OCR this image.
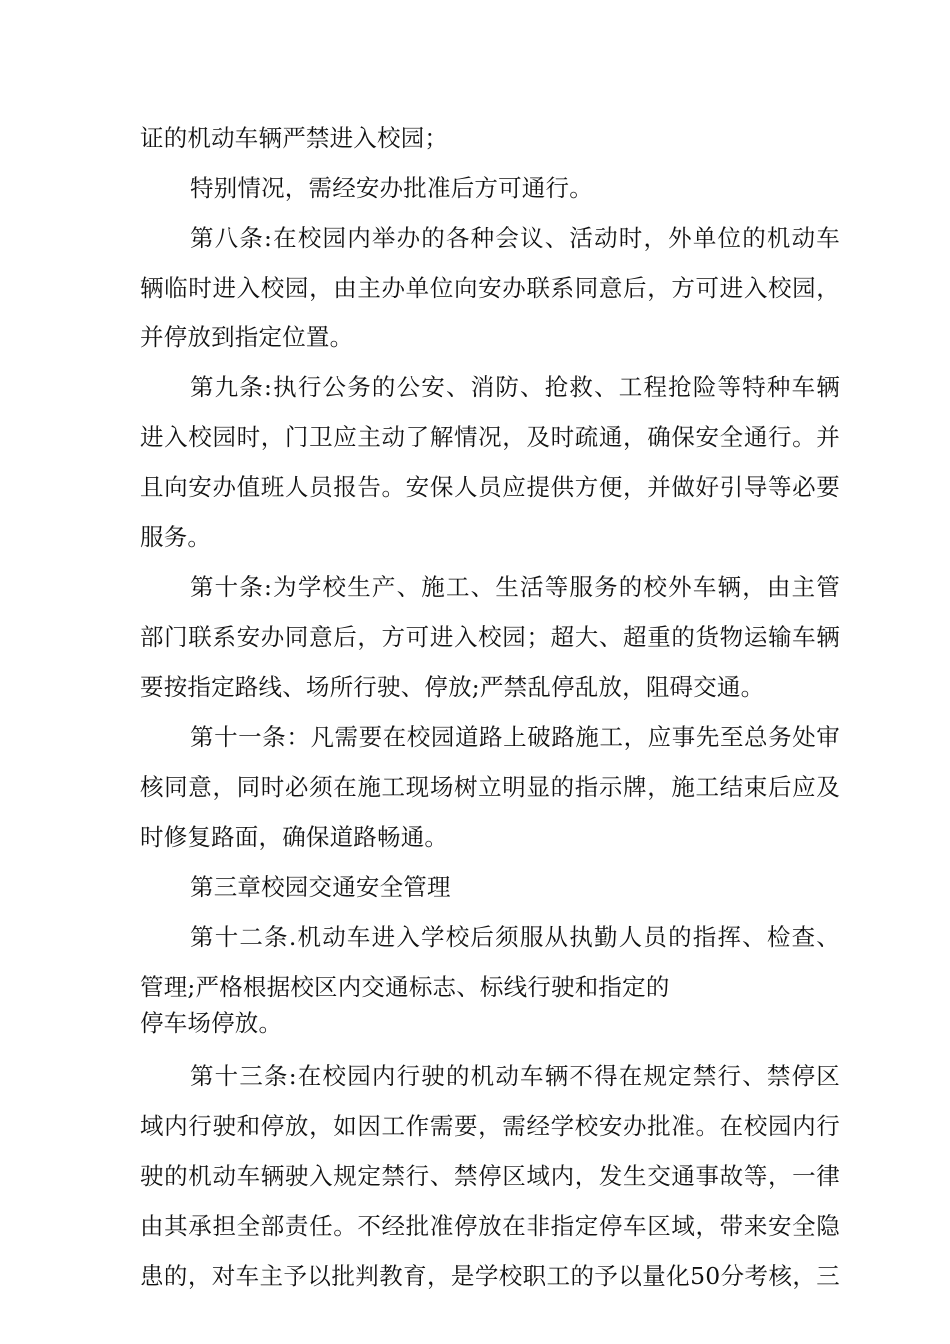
证的机动车辆严禁进入校园；
特别情况，需经安办批准后方可通行。
第八条:在校园内举办的各种会议、活动时，外单位的机动车
辆临时进入校园，由主办单位向安办联系同意后，方可进入校园，
并停放到指定位置。
第九条:执行公务的公安、消防、抢救、工程抢险等特种车辆
进入校园时，门卫应主动了解情况，及时疏通，确保安全通行。并
且向安办值班人员报告。安保人员应提供方便，并做好引导等必要
服务。
第十条:为学校生产、施工、生活等服务的校外车辆，由主管
部门联系安办同意后，方可进入校园；超大、超重的货物运输车辆
要按指定路线、场所行驶、停放;严禁乱停乱放，阻碍交通。
第十一条：凡需要在校园道路上破路施工，应事先至总务处审
核同意，同时必须在施工现场树立明显的指示牌，施工结束后应及
时修复路面，确保道路畅通。
第三章校园交通安全管理
第十二条.机动车进入学校后须服从执勤人员的指挥、检查、
管理;严格根据校区内交通标志、标线行驶和指定的
停车场停放。
第十三条:在校园内行驶的机动车辆不得在规定禁行、禁停区
域内行驶和停放，如因工作需要，需经学校安办批准。在校园内行
驶的机动车辆驶入规定禁行、禁停区域内，发生交通事故等，一律
由其承担全部责任。不经批准停放在非指定停车区域，带来安全隐
患的，对车主予以批判教育，是学校职工的予以量化50分考核，三
